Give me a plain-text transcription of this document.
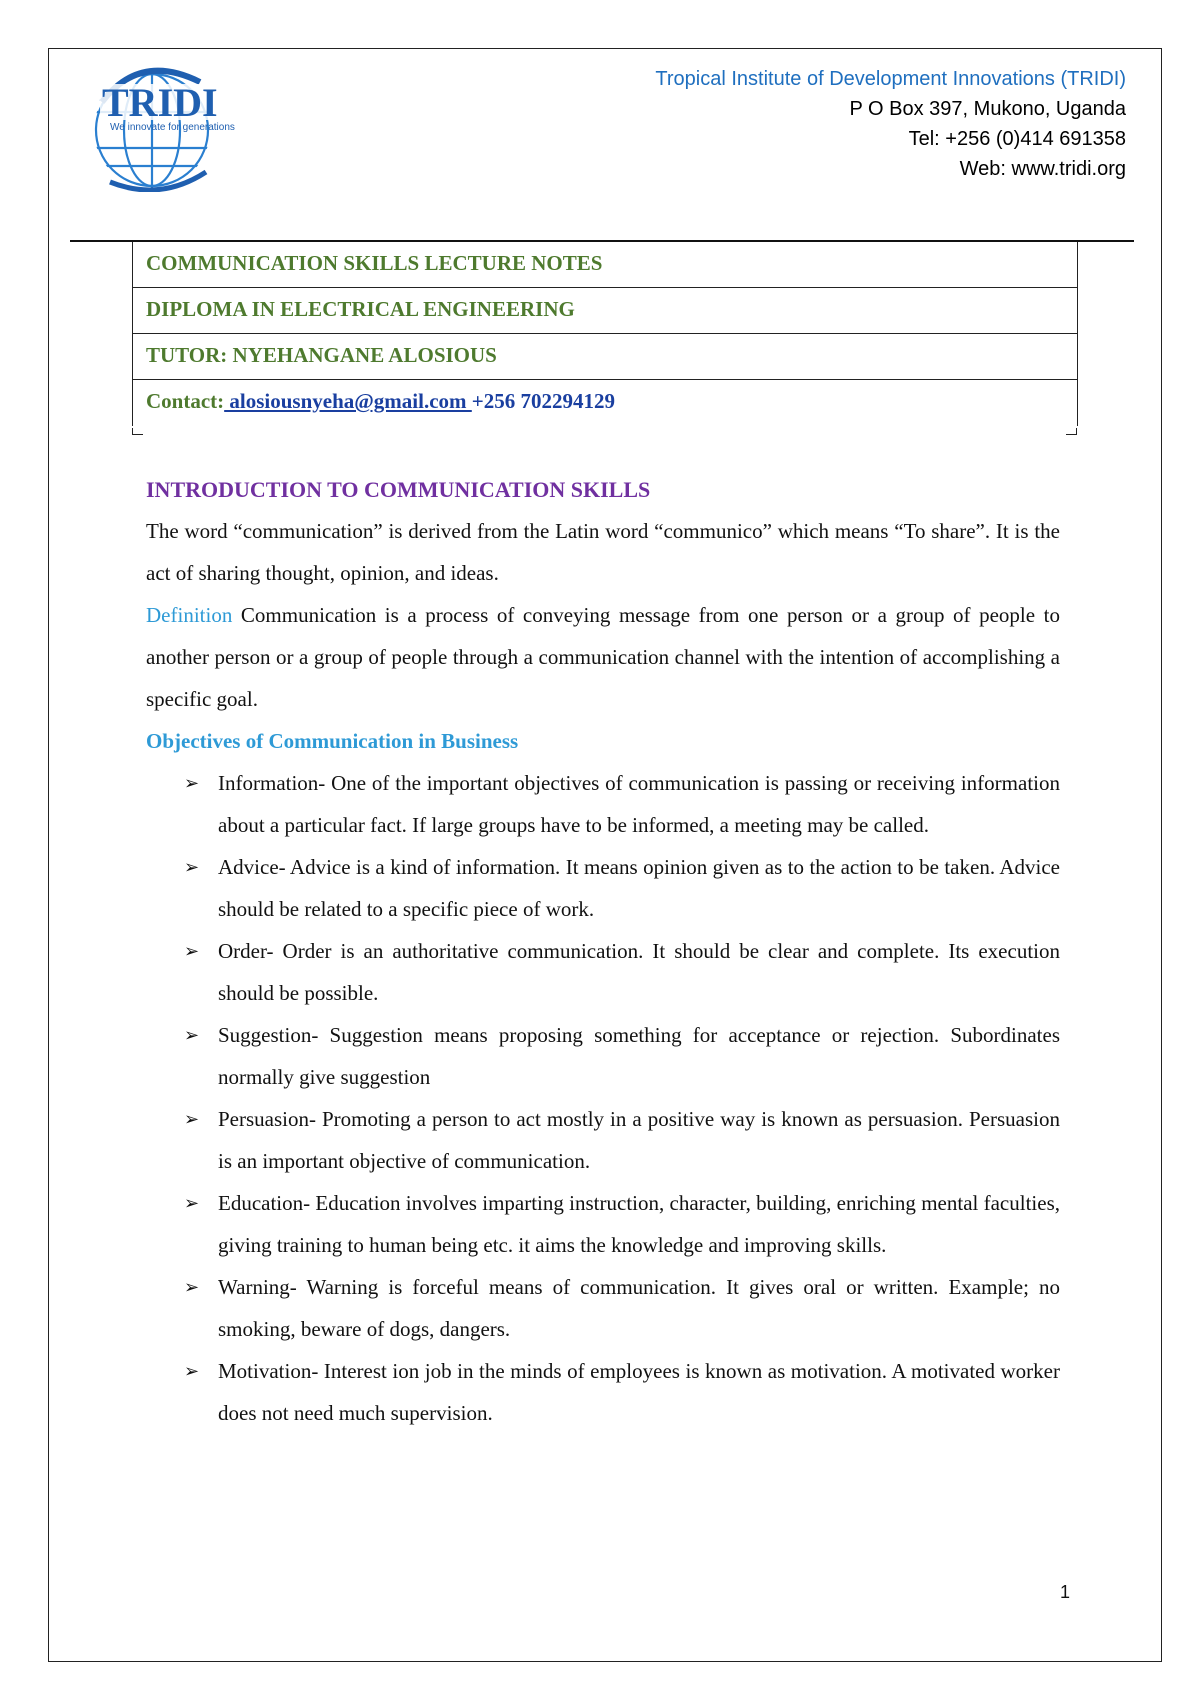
TRIDI
We innovate for generations
Tropical Institute of Development Innovations (TRIDI)
P O Box 397, Mukono, Uganda
Tel: +256 (0)414 691358
Web: www.tridi.org
COMMUNICATION SKILLS LECTURE NOTES
DIPLOMA IN ELECTRICAL ENGINEERING
TUTOR: NYEHANGANE ALOSIOUS
Contact: alosiousnyeha@gmail.com +256 702294129
INTRODUCTION TO COMMUNICATION SKILLS

The word “communication” is derived from the Latin word “communico” which means “To share”. It is the act of sharing thought, opinion, and ideas.

Definition Communication is a process of conveying message from one person or a group of people to another person or a group of people through a communication channel with the intention of accomplishing a specific goal.

Objectives of Communication in Business
➢ Information- One of the important objectives of communication is passing or receiving information about a particular fact. If large groups have to be informed, a meeting may be called.
➢ Advice- Advice is a kind of information. It means opinion given as to the action to be taken. Advice should be related to a specific piece of work.
➢ Order- Order is an authoritative communication. It should be clear and complete. Its execution should be possible.
➢ Suggestion- Suggestion means proposing something for acceptance or rejection. Subordinates normally give suggestion
➢ Persuasion- Promoting a person to act mostly in a positive way is known as persuasion. Persuasion is an important objective of communication.
➢ Education- Education involves imparting instruction, character, building, enriching mental faculties, giving training to human being etc. it aims the knowledge and improving skills.
➢ Warning- Warning is forceful means of communication. It gives oral or written. Example; no smoking, beware of dogs, dangers.
➢ Motivation- Interest ion job in the minds of employees is known as motivation. A motivated worker does not need much supervision.
1
